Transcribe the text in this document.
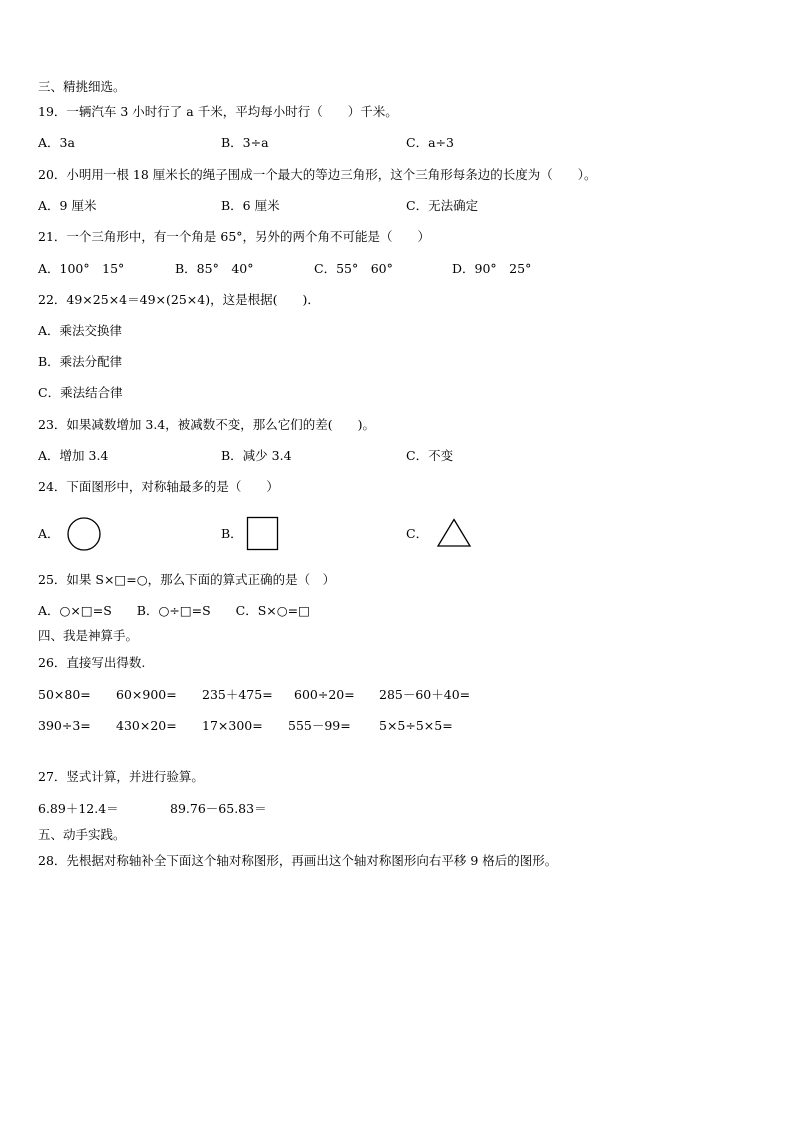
三、精挑细选。
19．一辆汽车 3 小时行了 a 千米，平均每小时行（　　）千米。
A．3a	B．3÷a	C．a÷3
20．小明用一根 18 厘米长的绳子围成一个最大的等边三角形，这个三角形每条边的长度为（　　）。
A．9 厘米	B．6 厘米	C．无法确定
21．一个三角形中，有一个角是 65°，另外的两个角不可能是（　　）
A．100°　15°	B．85°　40°	C．55°　60°	D．90°　25°
22．49×25×4＝49×(25×4)，这是根据(　　)．
A．乘法交换律
B．乘法分配律
C．乘法结合律
23．如果减数增加 3.4，被减数不变，那么它们的差(　　)。
A．增加 3.4	B．减少 3.4	C．不变
24．下面图形中，对称轴最多的是（　　）
A．	B．	C．
25．如果 S×□=○，那么下面的算式正确的是（　）
A．○×□=S　　B．○÷□=S　　C．S×○=□
四、我是神算手。
26．直接写出得数.
50×80= 60×900= 235＋475= 600÷20= 285－60＋40=
390÷3= 430×20= 17×300= 555－99= 5×5÷5×5=
27．竖式计算，并进行验算。
6.89＋12.4＝	89.76－65.83＝
五、动手实践。
28．先根据对称轴补全下面这个轴对称图形，再画出这个轴对称图形向右平移 9 格后的图形。
